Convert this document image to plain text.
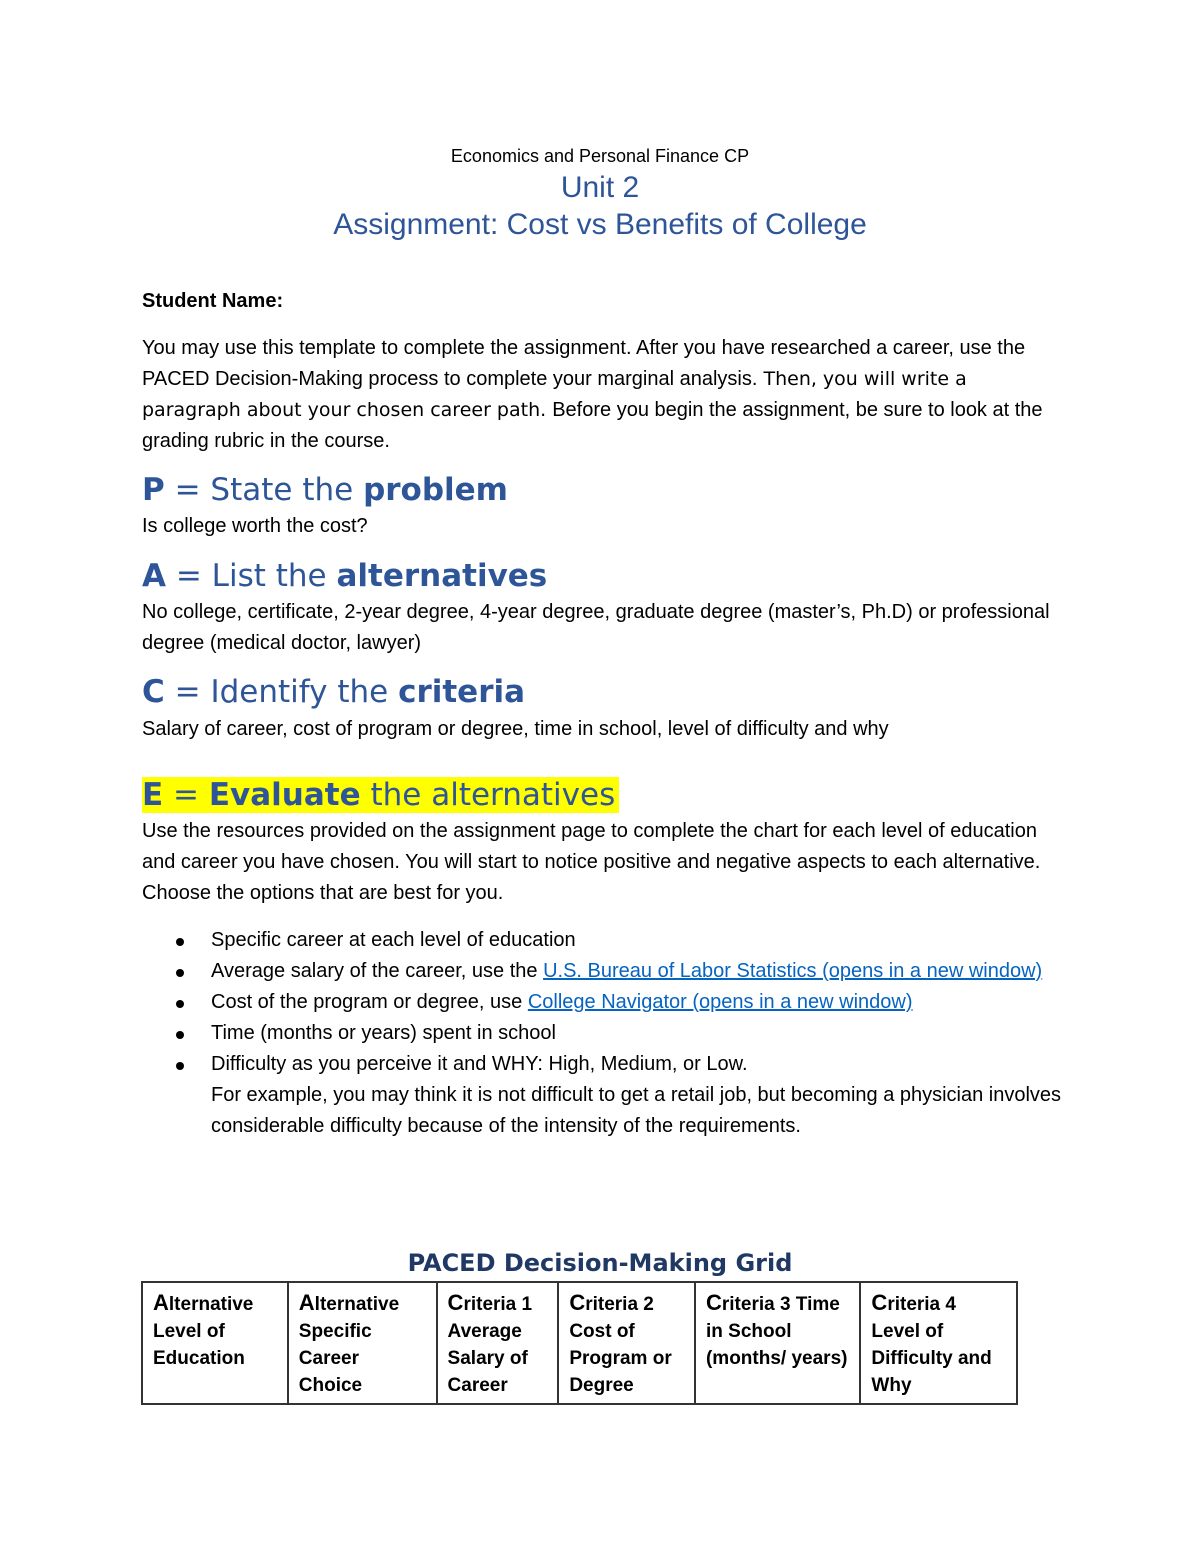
Economics and Personal Finance CP
Unit 2
Assignment: Cost vs Benefits of College
Student Name:
You may use this template to complete the assignment. After you have researched a career, use the PACED Decision-Making process to complete your marginal analysis. Then, you will write a paragraph about your chosen career path. Before you begin the assignment, be sure to look at the grading rubric in the course.
P = State the problem
Is college worth the cost?
A = List the alternatives
No college, certificate, 2-year degree, 4-year degree, graduate degree (master’s, Ph.D) or professional degree (medical doctor, lawyer)
C = Identify the criteria
Salary of career, cost of program or degree, time in school, level of difficulty and why
E = Evaluate the alternatives
Use the resources provided on the assignment page to complete the chart for each level of education and career you have chosen. You will start to notice positive and negative aspects to each alternative. Choose the options that are best for you.
Specific career at each level of education
Average salary of the career, use the U.S. Bureau of Labor Statistics (opens in a new window)
Cost of the program or degree, use College Navigator (opens in a new window)
Time (months or years) spent in school
Difficulty as you perceive it and WHY: High, Medium, or Low.
For example, you may think it is not difficult to get a retail job, but becoming a physician involves considerable difficulty because of the intensity of the requirements.
PACED Decision-Making Grid
Alternative Level of Education	Alternative Specific Career Choice	Criteria 1 Average Salary of Career	Criteria 2 Cost of Program or Degree	Criteria 3 Time in School (months/ years)	Criteria 4 Level of Difficulty and Why
